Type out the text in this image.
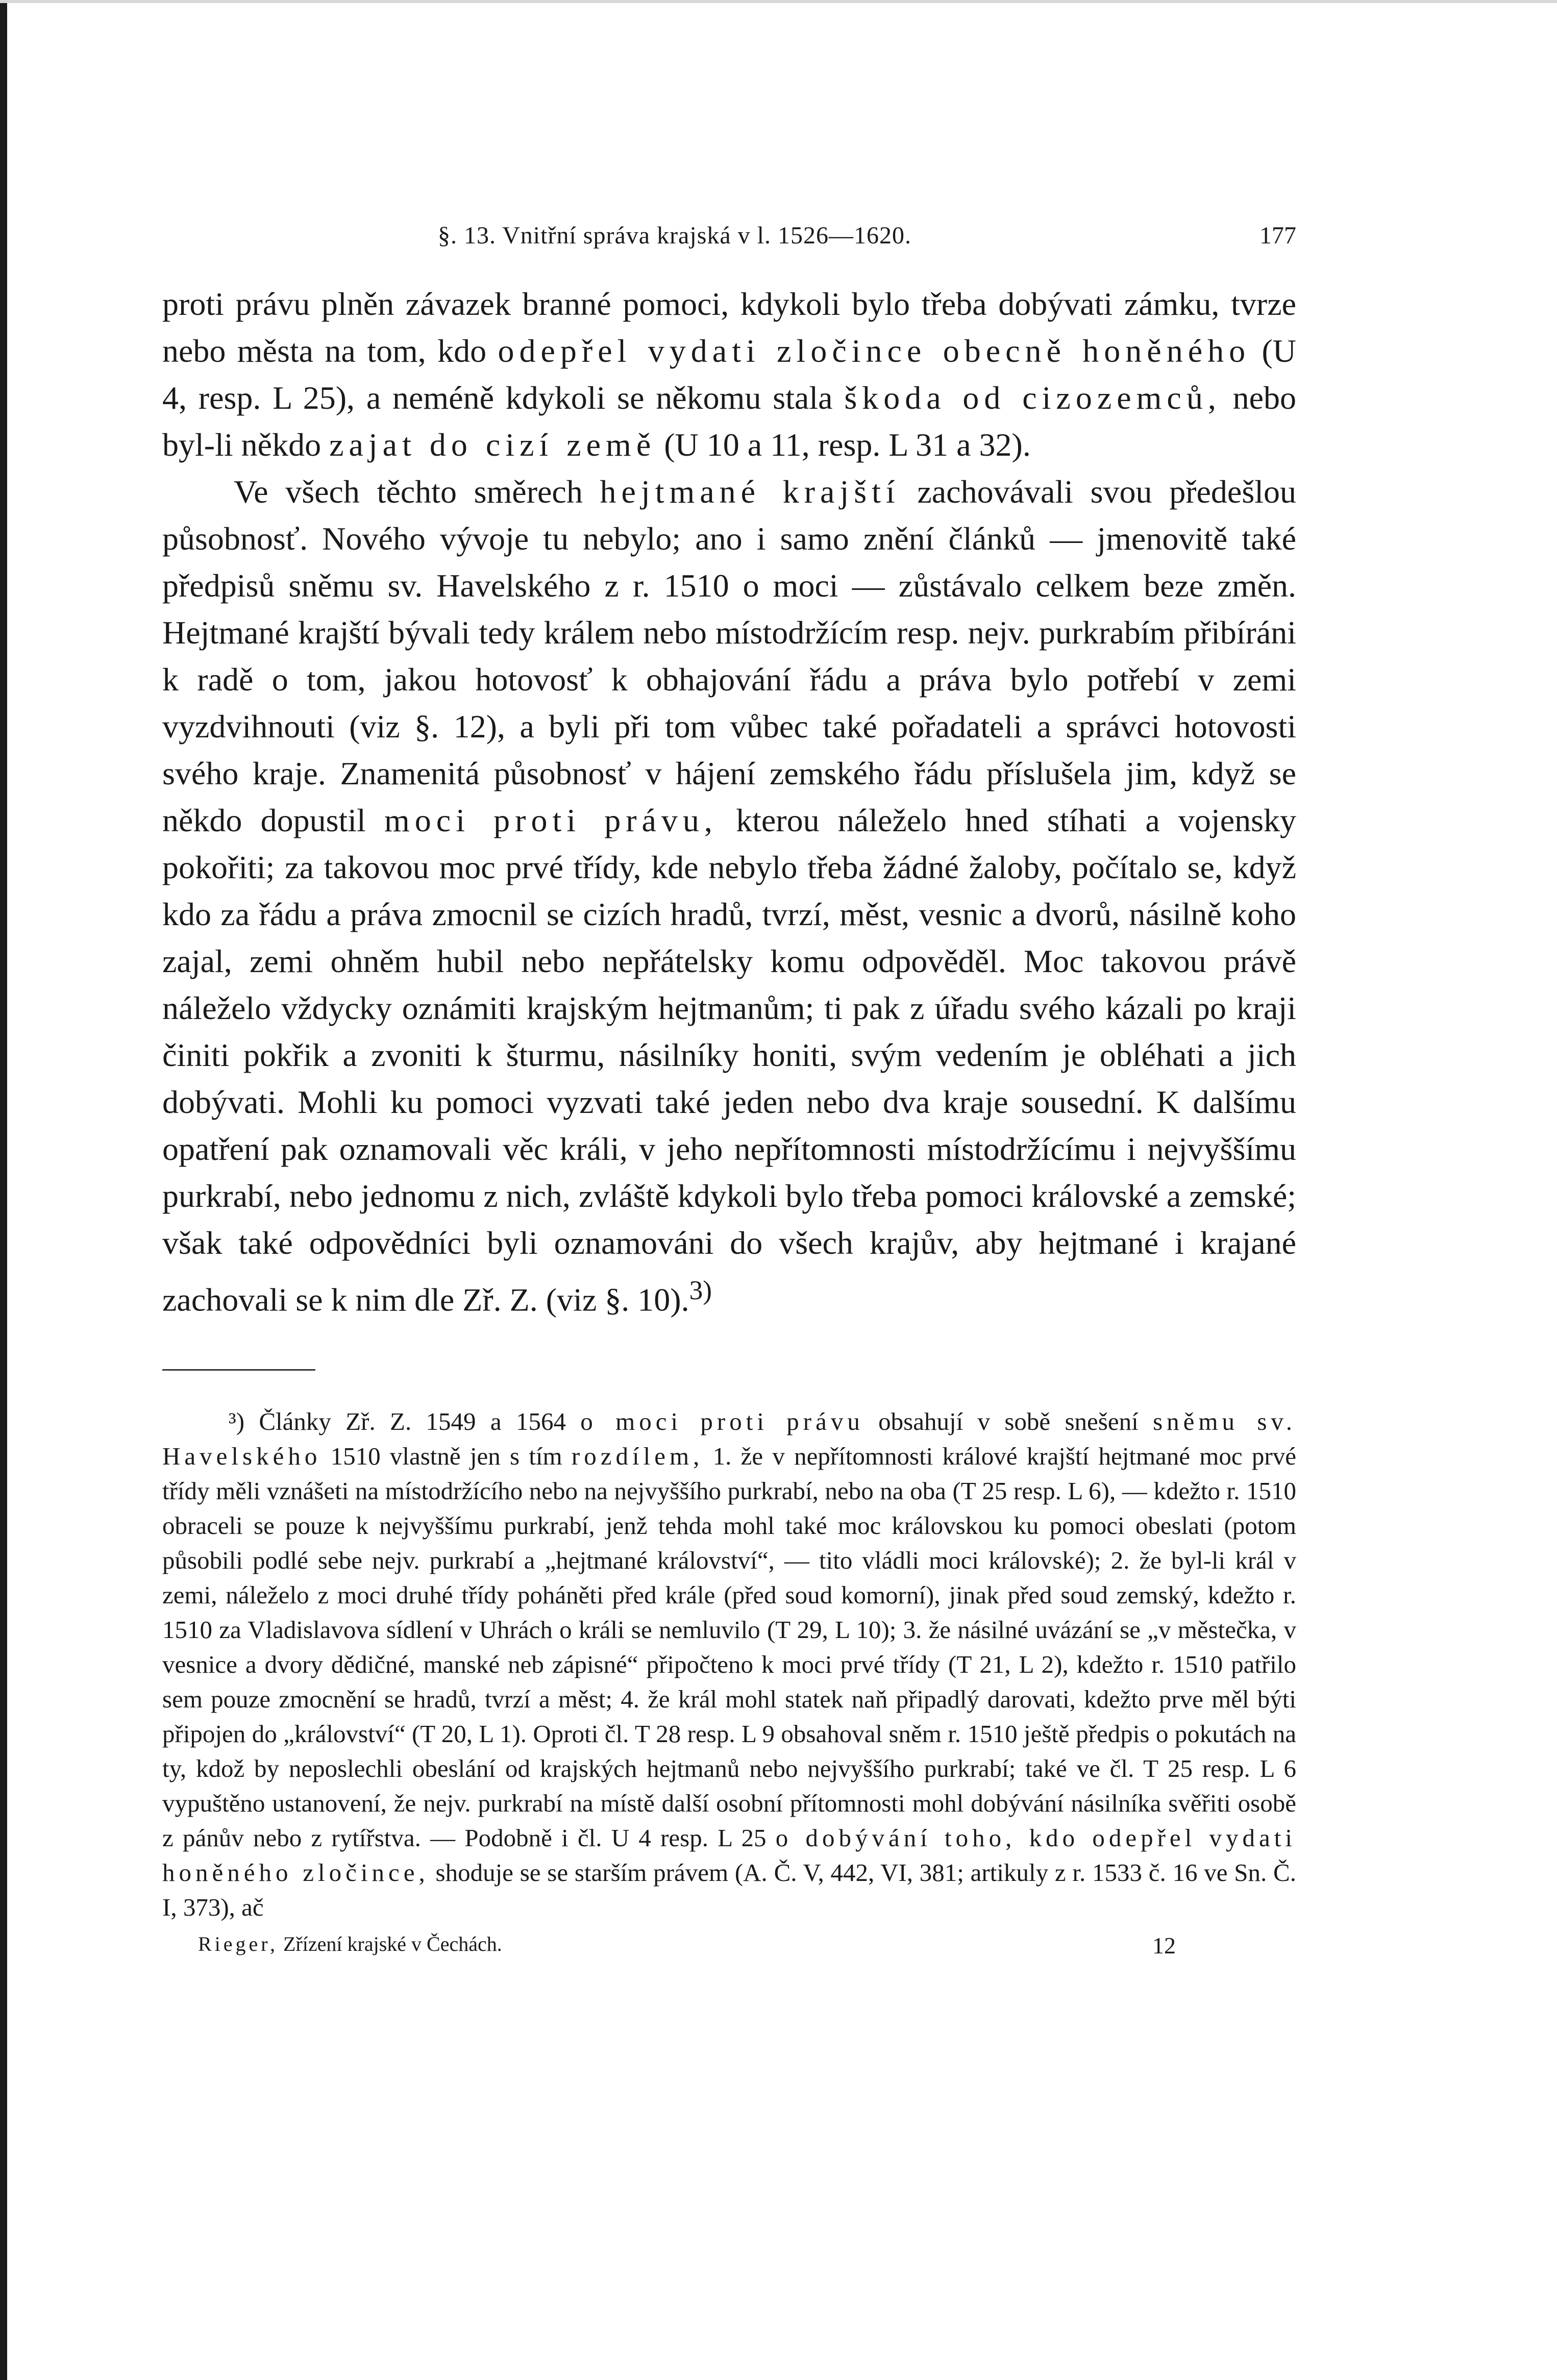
§. 13. Vnitřní správa krajská v l. 1526—1620.	177

proti právu plněn závazek branné pomoci, kdykoli bylo třeba dobývati zámku, tvrze nebo města na tom, kdo odepřel vydati zločince obecně honěného (U 4, resp. L 25), a neméně kdykoli se někomu stala škoda od cizozemců, nebo byl-li někdo zajat do cizí země (U 10 a 11, resp. L 31 a 32).

Ve všech těchto směrech hejtmané krajští zachovávali svou předešlou působnosť. Nového vývoje tu nebylo; ano i samo znění článků — jmenovitě také předpisů sněmu sv. Havelského z r. 1510 o moci — zůstávalo celkem beze změn. Hejtmané krajští bývali tedy králem nebo místodržícím resp. nejv. purkrabím přibíráni k radě o tom, jakou hotovosť k obhajování řádu a práva bylo potřebí v zemi vyzdvihnouti (viz §. 12), a byli při tom vůbec také pořadateli a správci hotovosti svého kraje. Znamenitá působnosť v hájení zemského řádu příslušela jim, když se někdo dopustil moci proti právu, kterou náleželo hned stíhati a vojensky pokořiti; za takovou moc prvé třídy, kde nebylo třeba žádné žaloby, počítalo se, když kdo za řádu a práva zmocnil se cizích hradů, tvrzí, měst, vesnic a dvorů, násilně koho zajal, zemi ohněm hubil nebo nepřátelsky komu odpověděl. Moc takovou právě náleželo vždycky oznámiti krajským hejtmanům; ti pak z úřadu svého kázali po kraji činiti pokřik a zvoniti k šturmu, násilníky honiti, svým vedením je obléhati a jich dobývati. Mohli ku pomoci vyzvati také jeden nebo dva kraje sousední. K dalšímu opatření pak oznamovali věc králi, v jeho nepřítomnosti místodržícímu i nejvyššímu purkrabí, nebo jednomu z nich, zvláště kdykoli bylo třeba pomoci královské a zemské; však také odpovědníci byli oznamováni do všech krajův, aby hejtmané i krajané zachovali se k nim dle Zř. Z. (viz §. 10).$^{3)}$

³) Články Zř. Z. 1549 a 1564 o moci proti právu obsahují v sobě snešení sněmu sv. Havelského 1510 vlastně jen s tím rozdílem, 1. že v nepřítomnosti králové krajští hejtmané moc prvé třídy měli vznášeti na místodržícího nebo na nejvyššího purkrabí, nebo na oba (T 25 resp. L 6), — kdežto r. 1510 obraceli se pouze k nejvyššímu purkrabí, jenž tehda mohl také moc královskou ku pomoci obeslati (potom působili podlé sebe nejv. purkrabí a „hejtmané království“, — tito vládli moci královské); 2. že byl-li král v zemi, náleželo z moci druhé třídy poháněti před krále (před soud komorní), jinak před soud zemský, kdežto r. 1510 za Vladislavova sídlení v Uhrách o králi se nemluvilo (T 29, L 10); 3. že násilné uvázání se „v městečka, v vesnice a dvory dědičné, manské neb zápisné“ připočteno k moci prvé třídy (T 21, L 2), kdežto r. 1510 patřilo sem pouze zmocnění se hradů, tvrzí a měst; 4. že král mohl statek naň připadlý darovati, kdežto prve měl býti připojen do „království“ (T 20, L 1). Oproti čl. T 28 resp. L 9 obsahoval sněm r. 1510 ještě předpis o pokutách na ty, kdož by neposlechli obeslání od krajských hejtmanů nebo nejvyššího purkrabí; také ve čl. T 25 resp. L 6 vypuštěno ustanovení, že nejv. purkrabí na místě další osobní přítomnosti mohl dobývání násilníka svěřiti osobě z pánův nebo z rytířstva. — Podobně i čl. U 4 resp. L 25 o dobývání toho, kdo odepřel vydati honěného zločince, shoduje se se starším právem (A. Č. V, 442, VI, 381; artikuly z r. 1533 č. 16 ve Sn. Č. I, 373), ač
Rieger, Zřízení krajské v Čechách.	12
